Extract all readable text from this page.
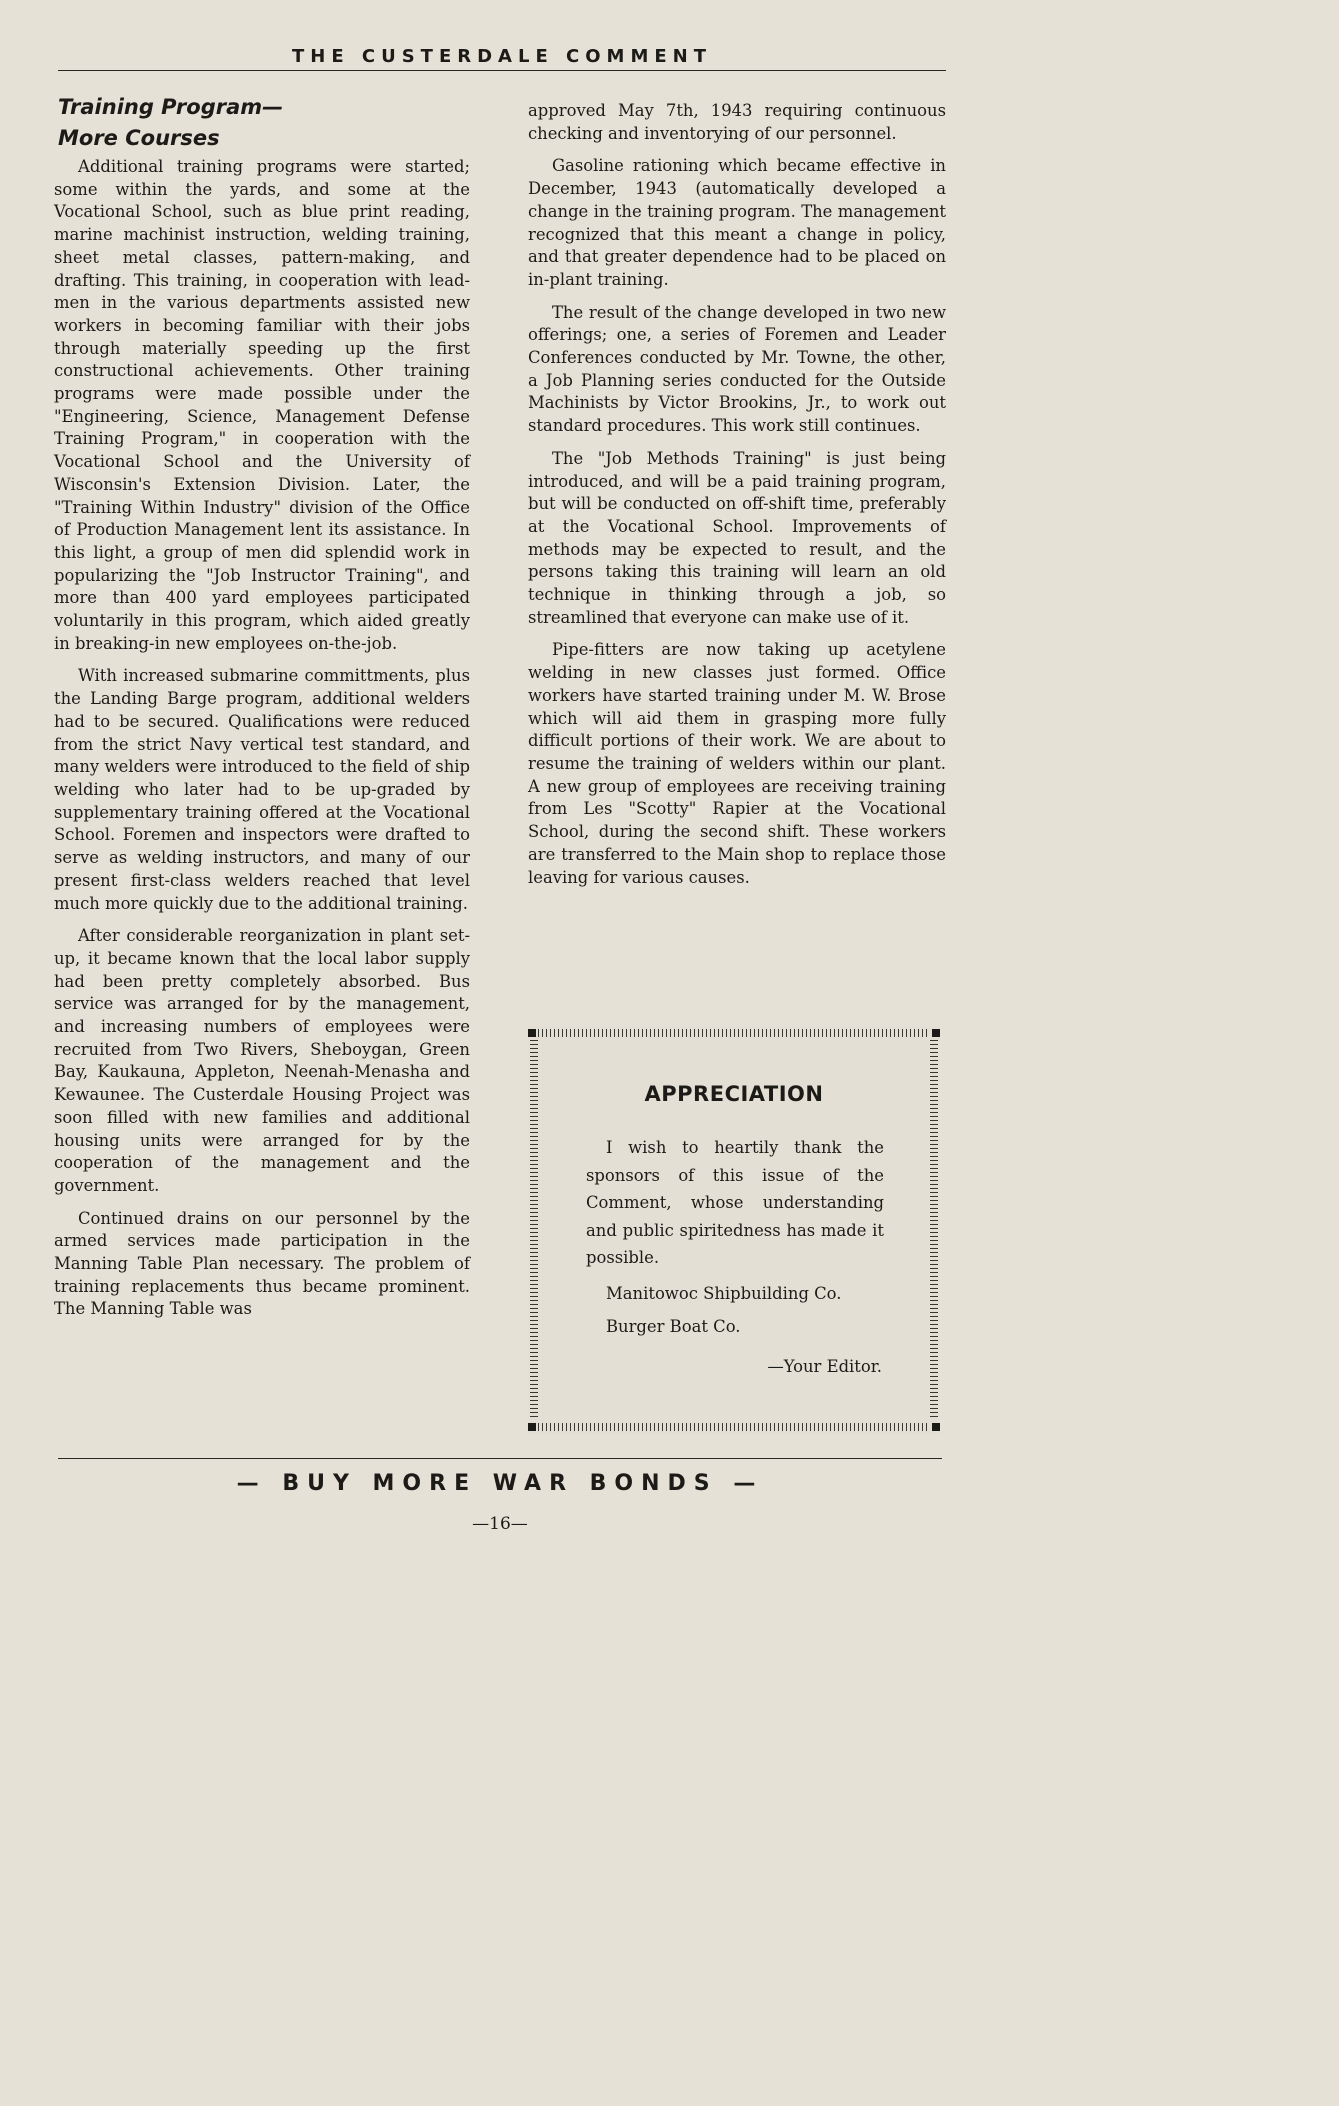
THE CUSTERDALE COMMENT
Training Program—
More Courses

Additional training programs were started; some within the yards, and some at the Vocational School, such as blue print reading, marine machinist instruction, welding training, sheet metal classes, pattern-making, and drafting. This training, in cooperation with lead-men in the various departments assisted new workers in becoming familiar with their jobs through materially speeding up the first constructional achievements. Other training programs were made possible under the "Engineering, Science, Management Defense Training Program," in cooperation with the Vocational School and the University of Wisconsin's Extension Division. Later, the "Training Within Industry" division of the Office of Production Management lent its assistance. In this light, a group of men did splendid work in popularizing the "Job Instructor Training", and more than 400 yard employees participated voluntarily in this program, which aided greatly in breaking-in new employees on-the-job.

With increased submarine committments, plus the Landing Barge program, additional welders had to be secured. Qualifications were reduced from the strict Navy vertical test standard, and many welders were introduced to the field of ship welding who later had to be up-graded by supplementary training offered at the Vocational School. Foremen and inspectors were drafted to serve as welding instructors, and many of our present first-class welders reached that level much more quickly due to the additional training.

After considerable reorganization in plant set-up, it became known that the local labor supply had been pretty completely absorbed. Bus service was arranged for by the management, and increasing numbers of employees were recruited from Two Rivers, Sheboygan, Green Bay, Kaukauna, Appleton, Neenah-Menasha and Kewaunee. The Custerdale Housing Project was soon filled with new families and additional housing units were arranged for by the cooperation of the management and the government.

Continued drains on our personnel by the armed services made participation in the Manning Table Plan necessary. The problem of training replacements thus became prominent. The Manning Table was

approved May 7th, 1943 requiring continuous checking and inventorying of our personnel.

Gasoline rationing which became effective in December, 1943 (automatically developed a change in the training program. The management recognized that this meant a change in policy, and that greater dependence had to be placed on in-plant training.

The result of the change developed in two new offerings; one, a series of Foremen and Leader Conferences conducted by Mr. Towne, the other, a Job Planning series conducted for the Outside Machinists by Victor Brookins, Jr., to work out standard procedures. This work still continues.

The "Job Methods Training" is just being introduced, and will be a paid training program, but will be conducted on off-shift time, preferably at the Vocational School. Improvements of methods may be expected to result, and the persons taking this training will learn an old technique in thinking through a job, so streamlined that everyone can make use of it.

Pipe-fitters are now taking up acetylene welding in new classes just formed. Office workers have started training under M. W. Brose which will aid them in grasping more fully difficult portions of their work. We are about to resume the training of welders within our plant. A new group of employees are receiving training from Les "Scotty" Rapier at the Vocational School, during the second shift. These workers are transferred to the Main shop to replace those leaving for various causes.

APPRECIATION

I wish to heartily thank the sponsors of this issue of the Comment, whose understanding and public spiritedness has made it possible.

Manitowoc Shipbuilding Co.
Burger Boat Co.
—Your Editor.
— BUY MORE WAR BONDS —
—16—
